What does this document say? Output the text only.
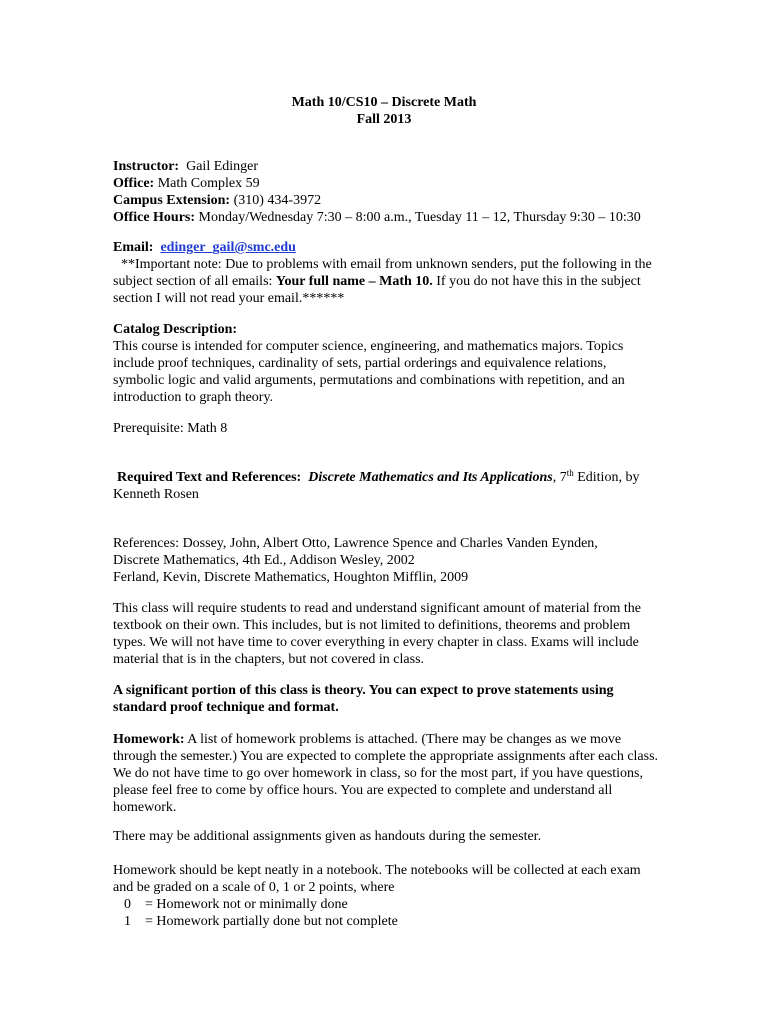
Math 10/CS10 – Discrete Math
Fall 2013
Instructor: Gail Edinger
Office: Math Complex 59
Campus Extension: (310) 434-3972
Office Hours: Monday/Wednesday 7:30 – 8:00 a.m., Tuesday 11 – 12, Thursday 9:30 – 10:30
Email: edinger_gail@smc.edu
**Important note: Due to problems with email from unknown senders, put the following in the
subject section of all emails: Your full name – Math 10. If you do not have this in the subject
section I will not read your email.******
Catalog Description:
This course is intended for computer science, engineering, and mathematics majors. Topics
include proof techniques, cardinality of sets, partial orderings and equivalence relations,
symbolic logic and valid arguments, permutations and combinations with repetition, and an
introduction to graph theory.
Prerequisite: Math 8
Required Text and References: Discrete Mathematics and Its Applications, 7th Edition, by
Kenneth Rosen
References: Dossey, John, Albert Otto, Lawrence Spence and Charles Vanden Eynden,
Discrete Mathematics, 4th Ed., Addison Wesley, 2002
Ferland, Kevin, Discrete Mathematics, Houghton Mifflin, 2009
This class will require students to read and understand significant amount of material from the
textbook on their own. This includes, but is not limited to definitions, theorems and problem
types. We will not have time to cover everything in every chapter in class. Exams will include
material that is in the chapters, but not covered in class.
A significant portion of this class is theory. You can expect to prove statements using
standard proof technique and format.
Homework: A list of homework problems is attached. (There may be changes as we move
through the semester.) You are expected to complete the appropriate assignments after each class.
We do not have time to go over homework in class, so for the most part, if you have questions,
please feel free to come by office hours. You are expected to complete and understand all
homework.
There may be additional assignments given as handouts during the semester.
Homework should be kept neatly in a notebook. The notebooks will be collected at each exam
and be graded on a scale of 0, 1 or 2 points, where
0 = Homework not or minimally done
1 = Homework partially done but not complete
